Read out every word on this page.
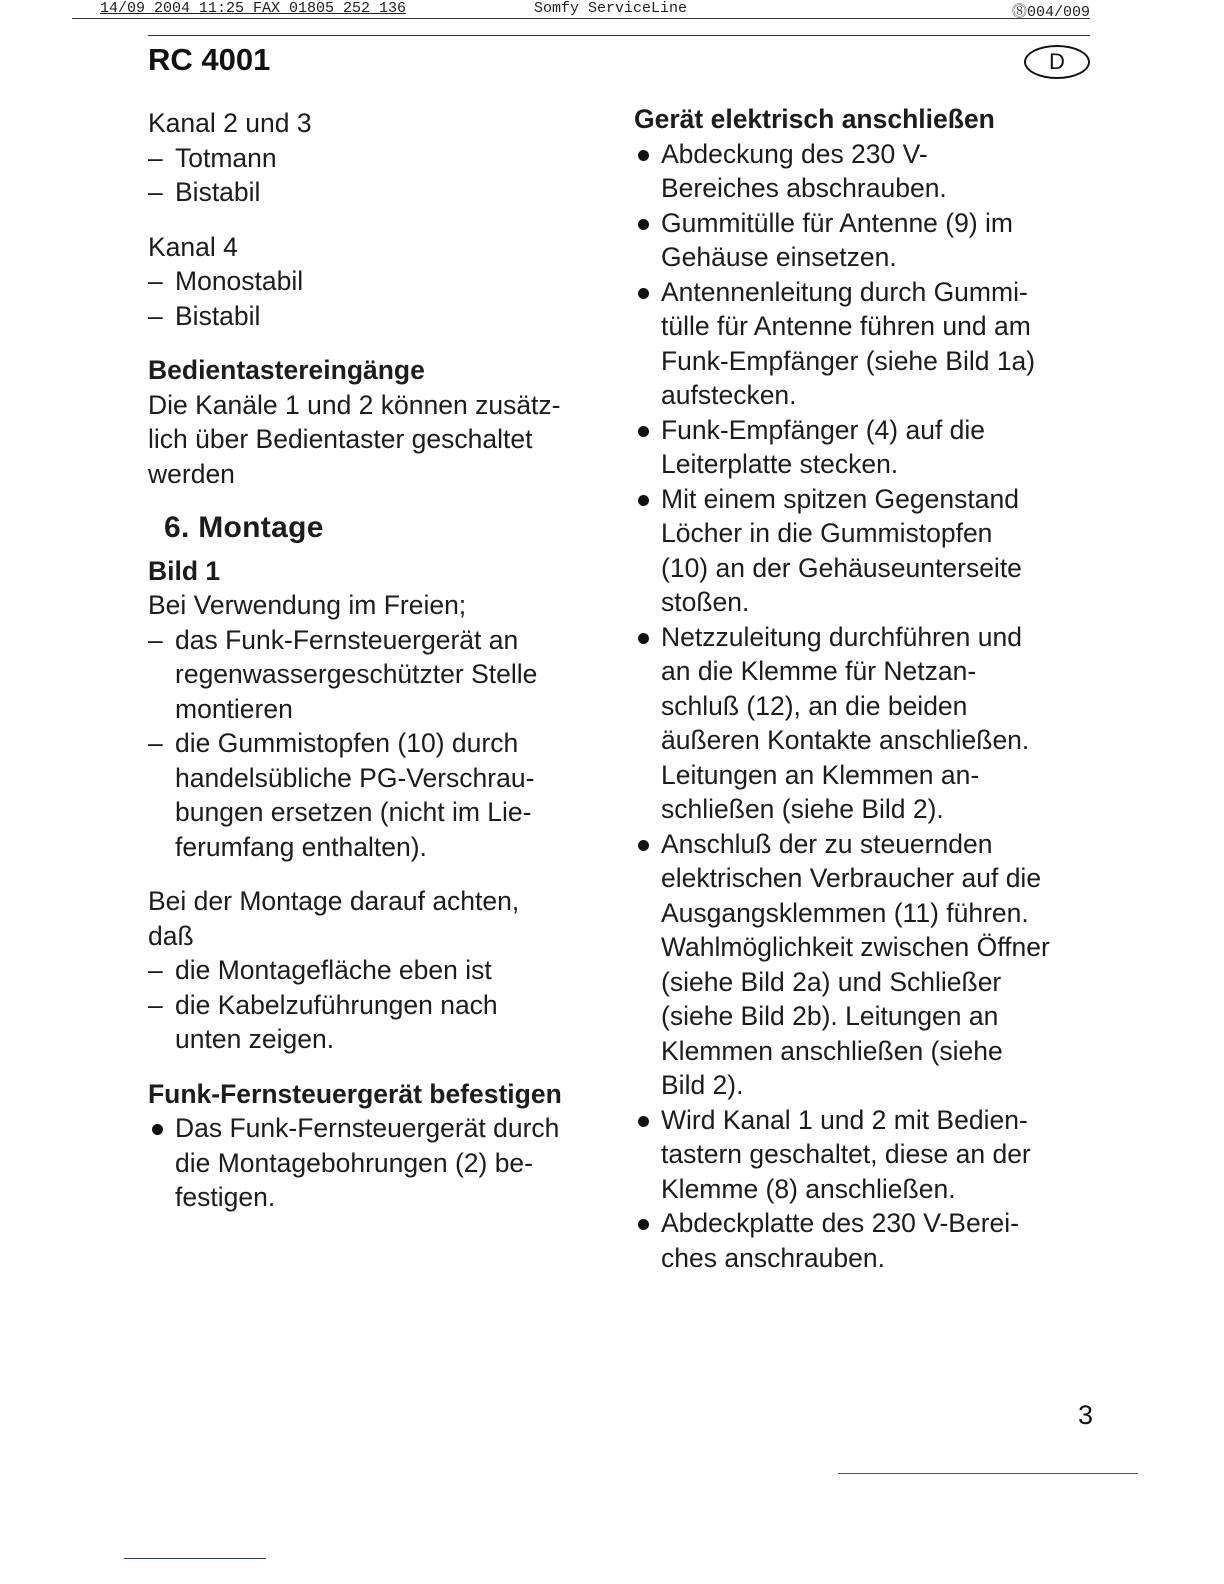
14/09 2004 11:25 FAX 01805 252 136	Somfy ServiceLine	⓼004/009
RC 4001	D

Kanal 2 und 3

– Totmann

– Bistabil

Kanal 4

– Monostabil

– Bistabil

Bedientastereingänge

Die Kanäle 1 und 2 können zusätz-

lich über Bedientaster geschaltet

werden

6. Montage

Bild 1

Bei Verwendung im Freien;

– das Funk-Fernsteuergerät an
regenwassergeschützter Stelle
montieren
– die Gummistopfen (10) durch
handelsübliche PG-Verschrau-
bungen ersetzen (nicht im Lie-
ferumfang enthalten).

Bei der Montage darauf achten,

daß

– die Montagefläche eben ist
– die Kabelzuführungen nach
unten zeigen.

Funk-Fernsteuergerät befestigen

Das Funk-Fernsteuergerät durch
die Montagebohrungen (2) be-
festigen.

Gerät elektrisch anschließen

Abdeckung des 230 V-
Bereiches abschrauben.
Gummitülle für Antenne (9) im
Gehäuse einsetzen.
Antennenleitung durch Gummi-
tülle für Antenne führen und am
Funk-Empfänger (siehe Bild 1a)
aufstecken.
Funk-Empfänger (4) auf die
Leiterplatte stecken.
Mit einem spitzen Gegenstand
Löcher in die Gummistopfen
(10) an der Gehäuseunterseite
stoßen.
Netzzuleitung durchführen und
an die Klemme für Netzan-
schluß (12), an die beiden
äußeren Kontakte anschließen.
Leitungen an Klemmen an-
schließen (siehe Bild 2).
Anschluß der zu steuernden
elektrischen Verbraucher auf die
Ausgangsklemmen (11) führen.
Wahlmöglichkeit zwischen Öffner
(siehe Bild 2a) und Schließer
(siehe Bild 2b). Leitungen an
Klemmen anschließen (siehe
Bild 2).
Wird Kanal 1 und 2 mit Bedien-
tastern geschaltet, diese an der
Klemme (8) anschließen.
Abdeckplatte des 230 V-Berei-
ches anschrauben.
3
